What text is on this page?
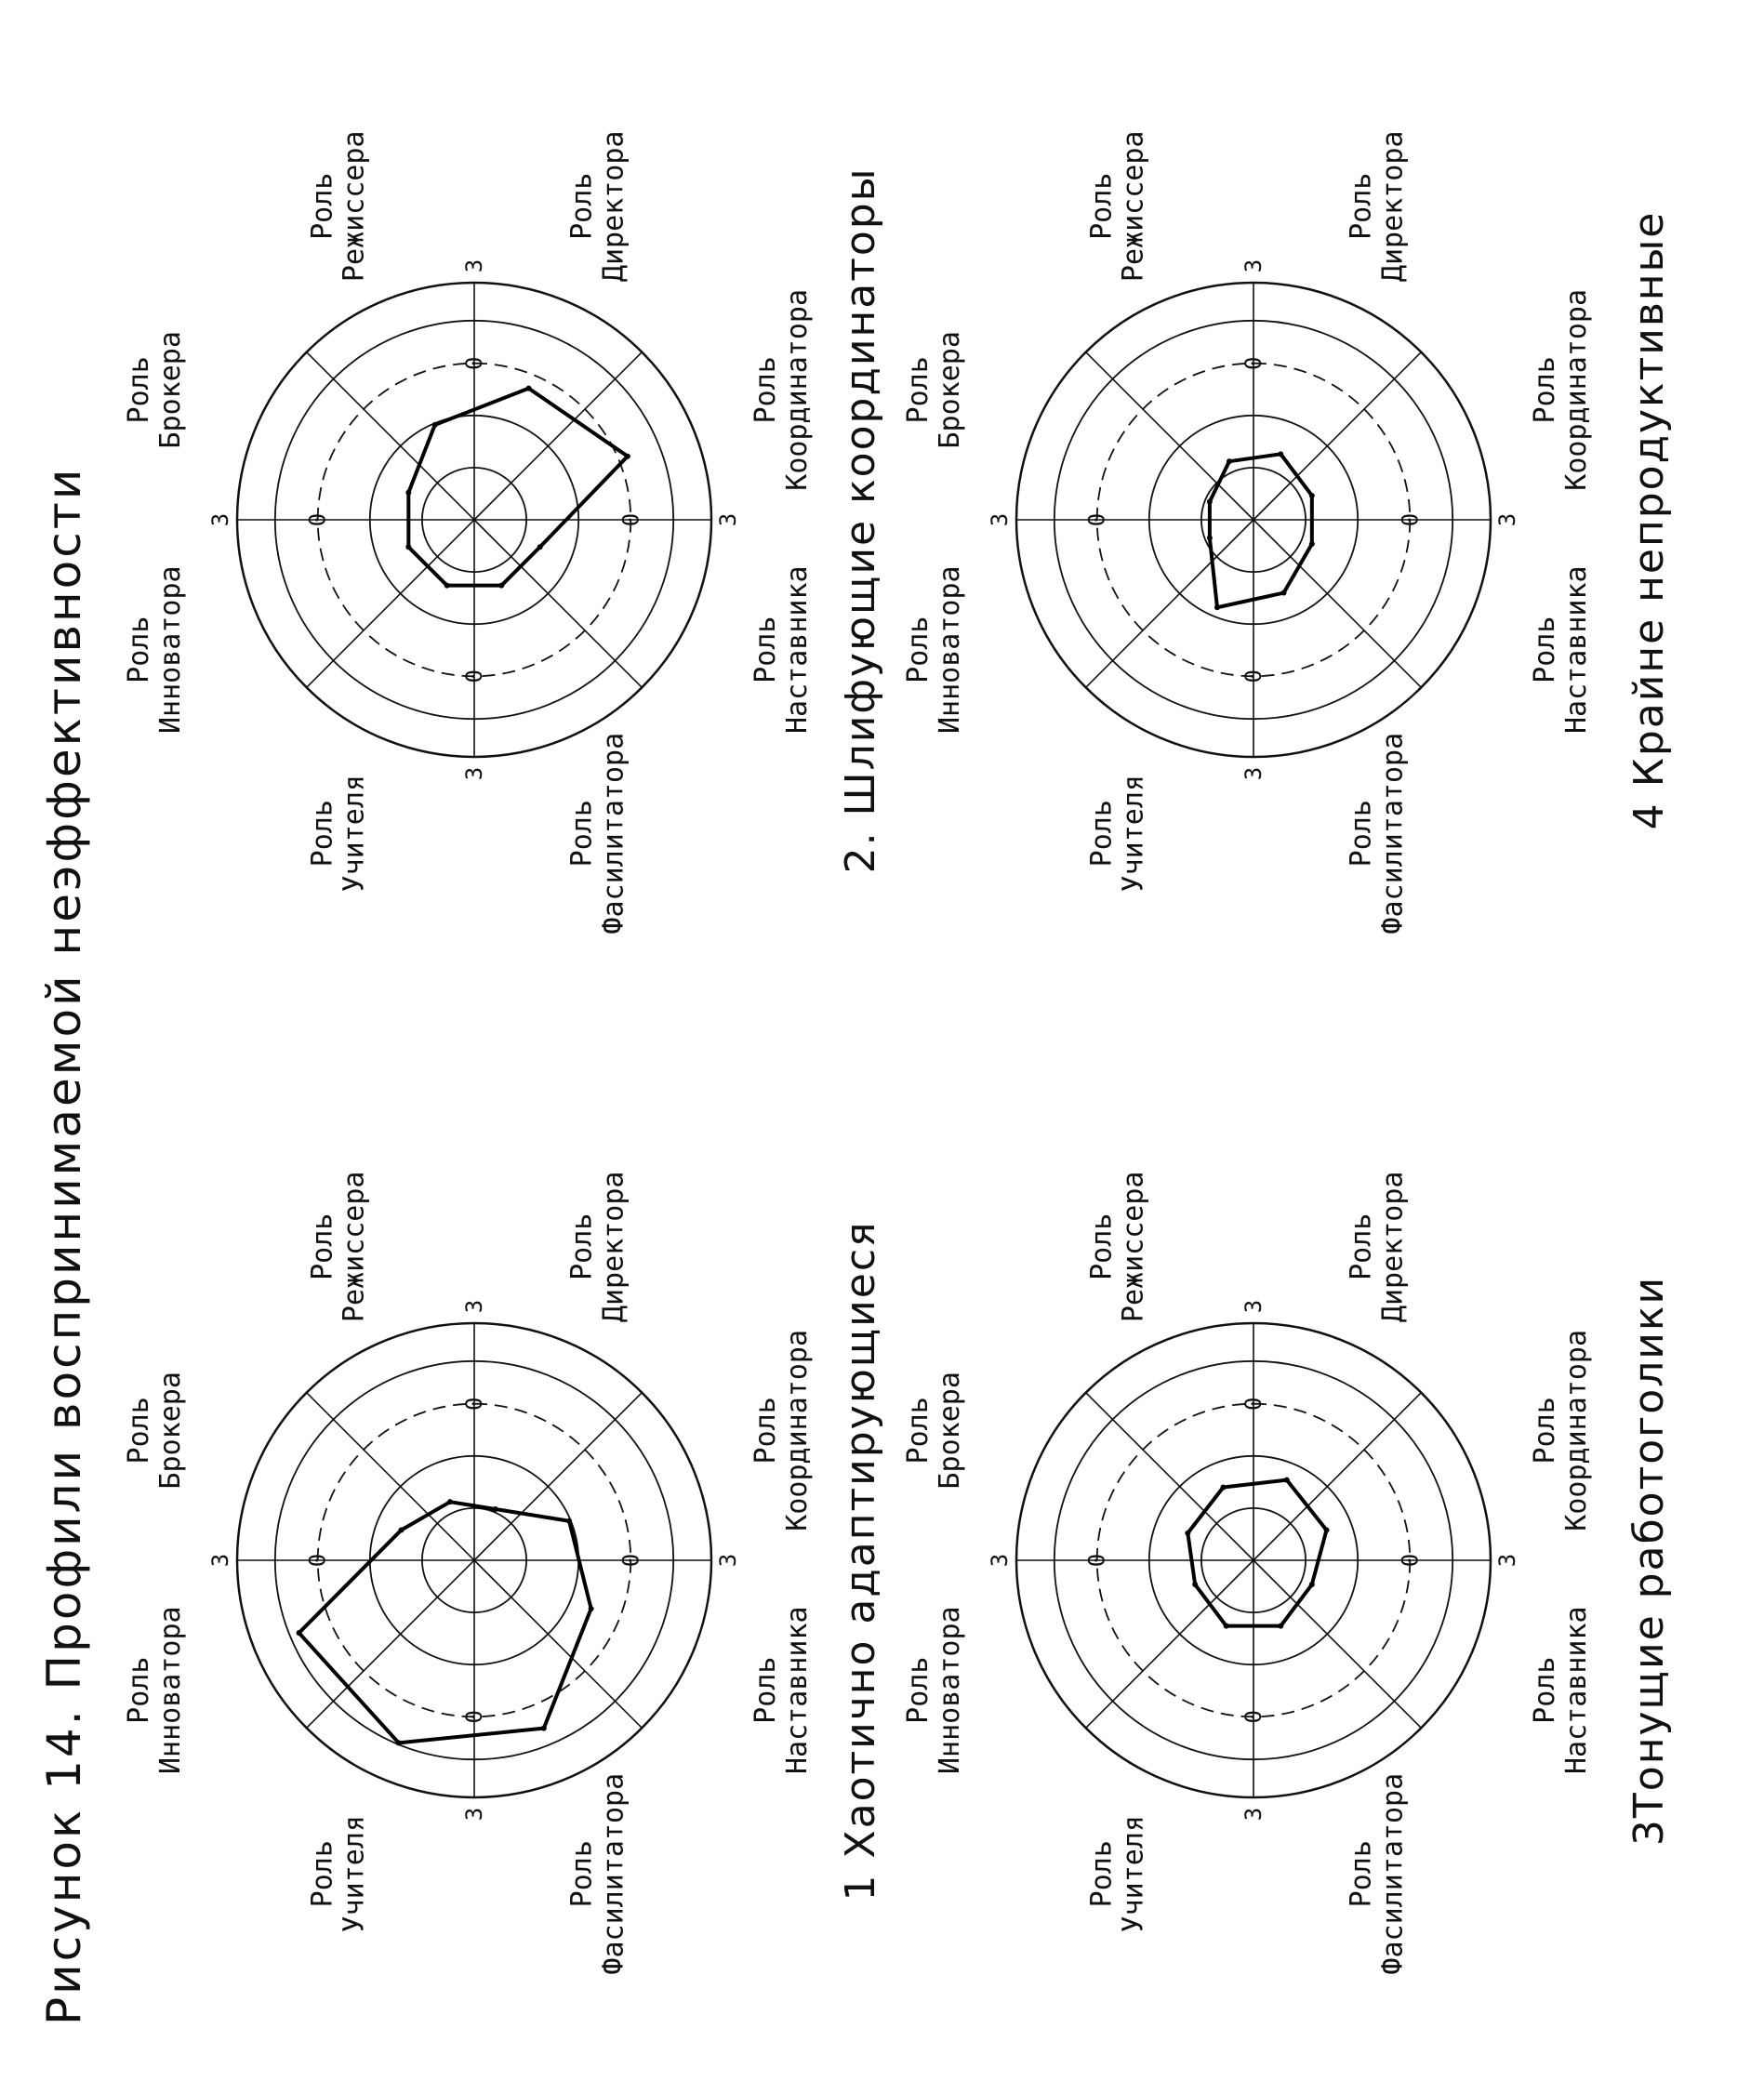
Рисунок 14. Профили воспринимаемой неэффективности	3	0
3
0
3
0
3
0
РольБрокера
РольРежиссера	РольДиректора
РольКоординатора
РольНаставника
РольФасилитатора
РольУчителя
РольИнноватора	1 Хаотично адаптирующиеся
3	0
3
0
3
0
3
0
РольБрокера
РольРежиссера	РольДиректора
РольКоординатора
РольНаставника
РольФасилитатора
РольУчителя
РольИнноватора	2. Шлифующие координаторы
3	0
3
0
3
0
3
0
РольБрокера
РольРежиссера	РольДиректора
РольКоординатора
РольНаставника
РольФасилитатора
РольУчителя
РольИнноватора	3Тонущие работоголики
3	0
3
0
3
0
3
0
РольБрокера
РольРежиссера	РольДиректора
РольКоординатора
РольНаставника
РольФасилитатора
РольУчителя
РольИнноватора	4 Крайне непродуктивные
